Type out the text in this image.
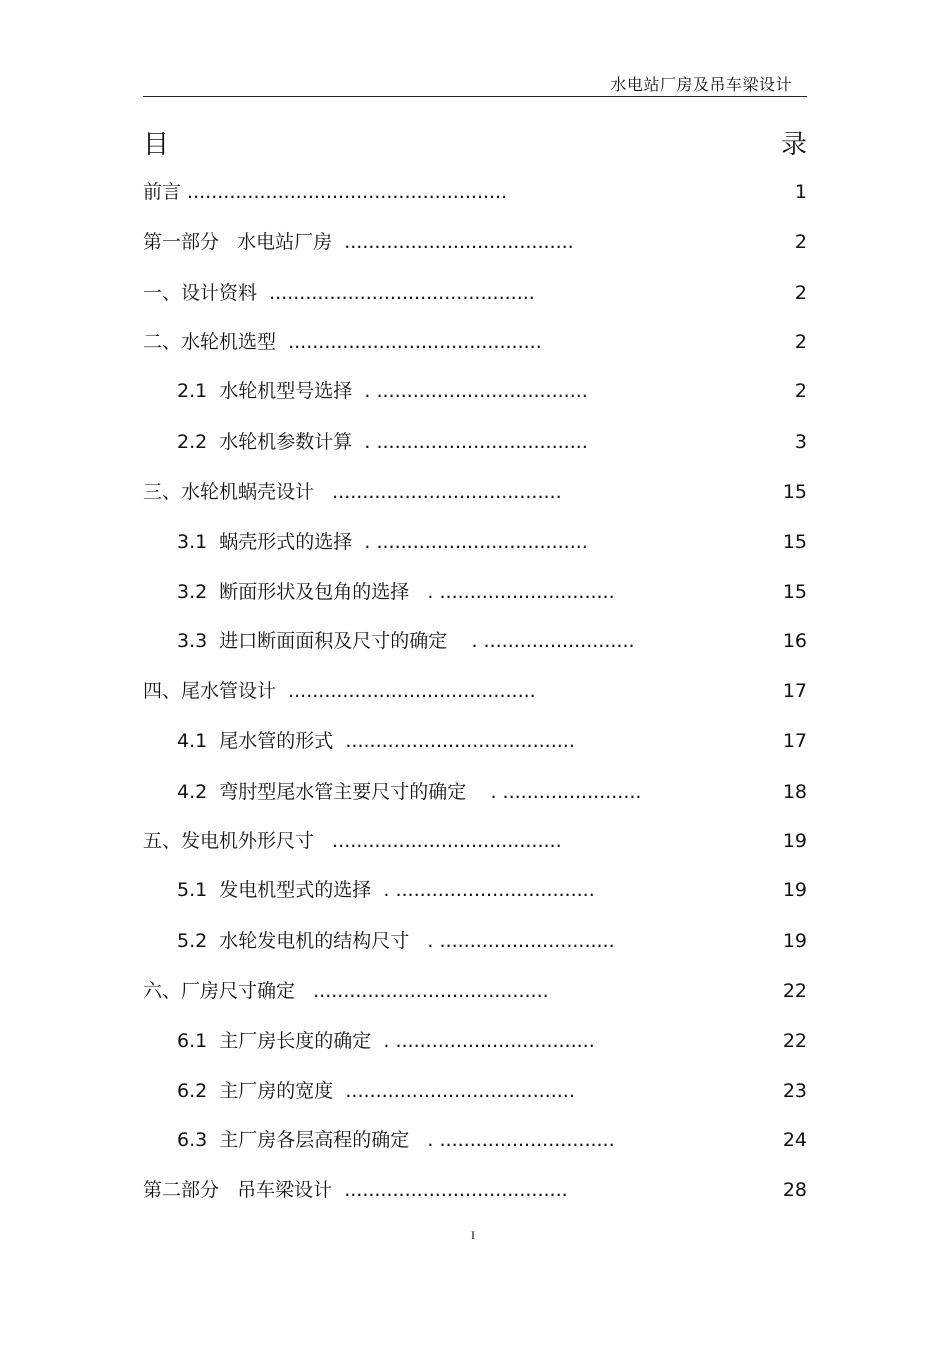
水电站厂房及吊车梁设计
目	录
前言 .....................................................	1
第一部分   水电站厂房  ......................................	2
一、设计资料  ............................................	2
二、水轮机选型  ..........................................	2
2.1  水轮机型号选择  . ...................................	2
2.2  水轮机参数计算  . ...................................	3
三、水轮机蜗壳设计   ......................................	15
3.1  蜗壳形式的选择  . ...................................	15
3.2  断面形状及包角的选择   . .............................	15
3.3  进口断面面积及尺寸的确定    . .........................	16
四、尾水管设计  .........................................	17
4.1  尾水管的形式  ......................................	17
4.2  弯肘型尾水管主要尺寸的确定    . .......................	18
五、发电机外形尺寸   ......................................	19
5.1  发电机型式的选择  . .................................	19
5.2  水轮发电机的结构尺寸   . .............................	19
六、厂房尺寸确定   .......................................	22
6.1  主厂房长度的确定  . .................................	22
6.2  主厂房的宽度  ......................................	23
6.3  主厂房各层高程的确定   . .............................	24
第二部分   吊车梁设计  .....................................	28
I
